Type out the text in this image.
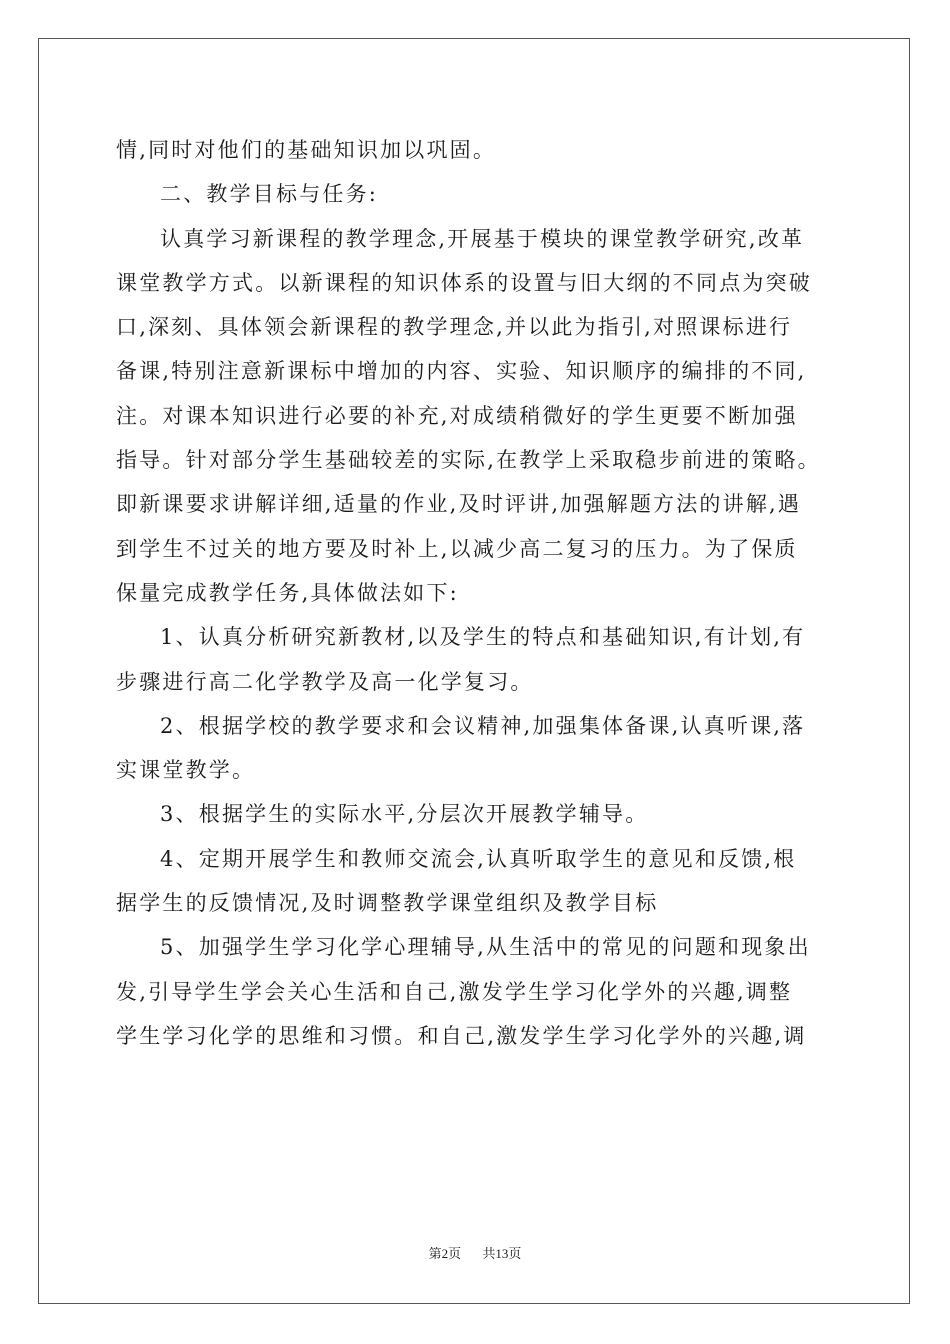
情,同时对他们的基础知识加以巩固。
二、教学目标与任务:
认真学习新课程的教学理念,开展基于模块的课堂教学研究,改革
课堂教学方式。以新课程的知识体系的设置与旧大纲的不同点为突破
口,深刻、具体领会新课程的教学理念,并以此为指引,对照课标进行
备课,特别注意新课标中增加的内容、实验、知识顺序的编排的不同,
注。对课本知识进行必要的补充,对成绩稍微好的学生更要不断加强
指导。针对部分学生基础较差的实际,在教学上采取稳步前进的策略。
即新课要求讲解详细,适量的作业,及时评讲,加强解题方法的讲解,遇
到学生不过关的地方要及时补上,以减少高二复习的压力。为了保质
保量完成教学任务,具体做法如下:
1、认真分析研究新教材,以及学生的特点和基础知识,有计划,有
步骤进行高二化学教学及高一化学复习。
2、根据学校的教学要求和会议精神,加强集体备课,认真听课,落
实课堂教学。
3、根据学生的实际水平,分层次开展教学辅导。
4、定期开展学生和教师交流会,认真听取学生的意见和反馈,根
据学生的反馈情况,及时调整教学课堂组织及教学目标
5、加强学生学习化学心理辅导,从生活中的常见的问题和现象出
发,引导学生学会关心生活和自己,激发学生学习化学外的兴趣,调整
学生学习化学的思维和习惯。和自己,激发学生学习化学外的兴趣,调
第2页 共13页
